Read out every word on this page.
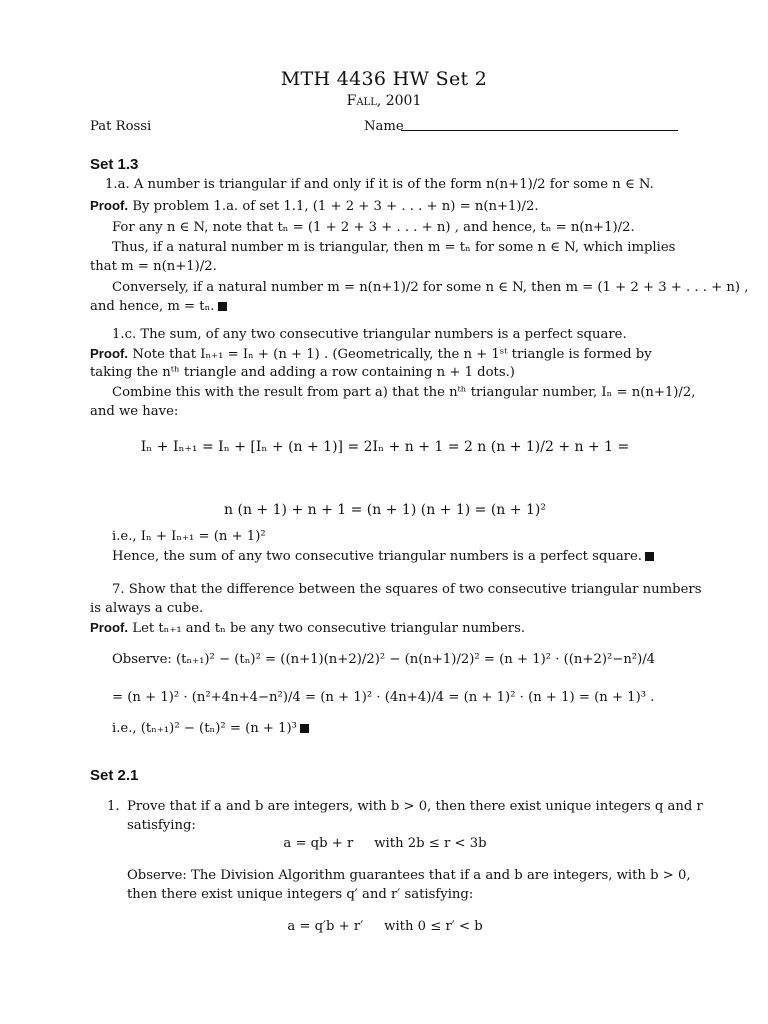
MTH 4436 HW Set 2
Fall, 2001
Pat Rossi	Name
Set 1.3
1.a. A number is triangular if and only if it is of the form n(n+1)/2 for some n ∈ N.
Proof. By problem 1.a. of set 1.1, (1 + 2 + 3 + . . . + n) = n(n+1)/2.
For any n ∈ N, note that tₙ = (1 + 2 + 3 + . . . + n) , and hence, tₙ = n(n+1)/2.
Thus, if a natural number m is triangular, then m = tₙ for some n ∈ N, which implies
that m = n(n+1)/2.
Conversely, if a natural number m = n(n+1)/2 for some n ∈ N, then m = (1 + 2 + 3 + . . . + n) ,
and hence, m = tₙ.
1.c. The sum, of any two consecutive triangular numbers is a perfect square.
Proof. Note that Iₙ₊₁ = Iₙ + (n + 1) . (Geometrically, the n + 1ˢᵗ triangle is formed by
taking the nᵗʰ triangle and adding a row containing n + 1 dots.)
Combine this with the result from part a) that the nᵗʰ triangular number, Iₙ = n(n+1)/2,
and we have:
Iₙ + Iₙ₊₁ = Iₙ + [Iₙ + (n + 1)] = 2Iₙ + n + 1 = 2 n (n + 1)/2 + n + 1 =
n (n + 1) + n + 1 = (n + 1) (n + 1) = (n + 1)²
i.e., Iₙ + Iₙ₊₁ = (n + 1)²
Hence, the sum of any two consecutive triangular numbers is a perfect square.
7. Show that the difference between the squares of two consecutive triangular numbers
is always a cube.
Proof. Let tₙ₊₁ and tₙ be any two consecutive triangular numbers.
Observe: (tₙ₊₁)² − (tₙ)² = ((n+1)(n+2)/2)² − (n(n+1)/2)² = (n + 1)² · ((n+2)²−n²)/4
= (n + 1)² · (n²+4n+4−n²)/4 = (n + 1)² · (4n+4)/4 = (n + 1)² · (n + 1) = (n + 1)³ .
i.e., (tₙ₊₁)² − (tₙ)² = (n + 1)³
Set 2.1
1. Prove that if a and b are integers, with b > 0, then there exist unique integers q and r
satisfying:
a = qb + r     with 2b ≤ r < 3b
Observe: The Division Algorithm guarantees that if a and b are integers, with b > 0,
then there exist unique integers q′ and r′ satisfying:
a = q′b + r′     with 0 ≤ r′ < b
